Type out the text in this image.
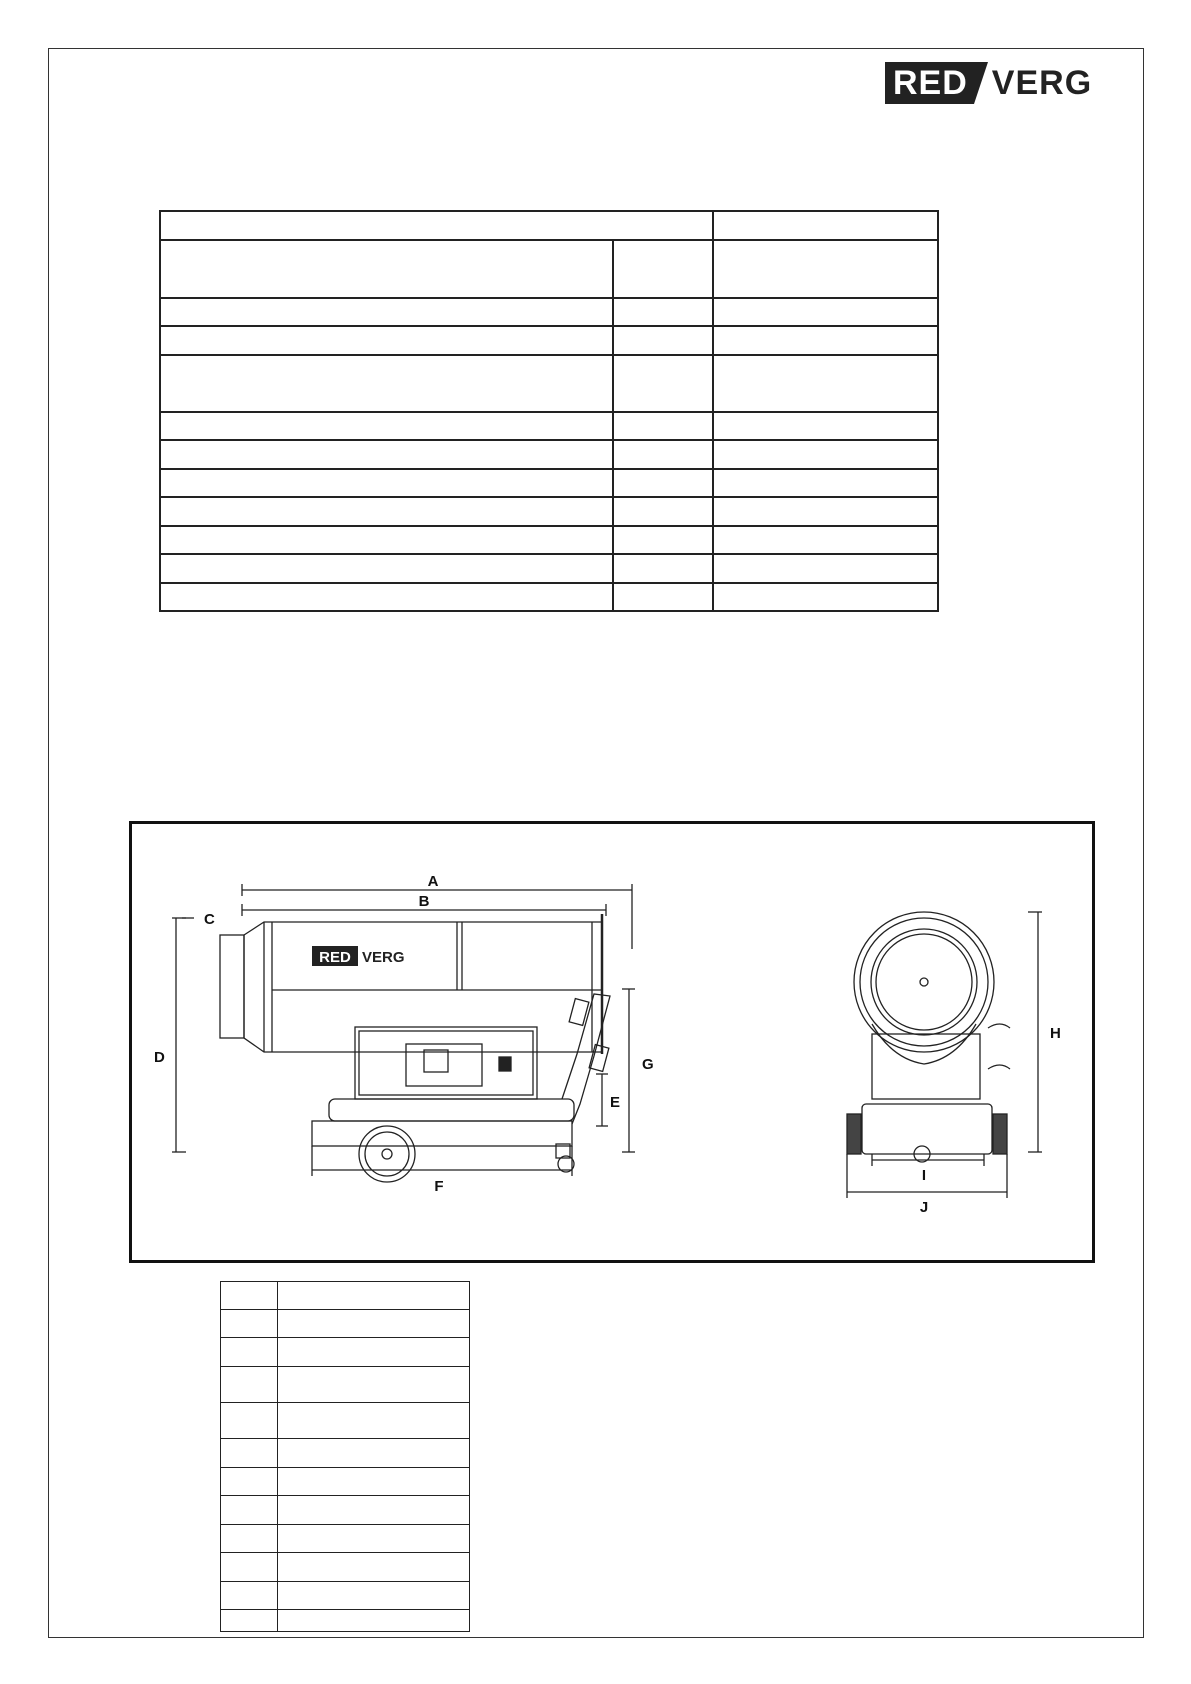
RED VERG

A
B
RED VERG
C
D
E
F
G
H
I
J
